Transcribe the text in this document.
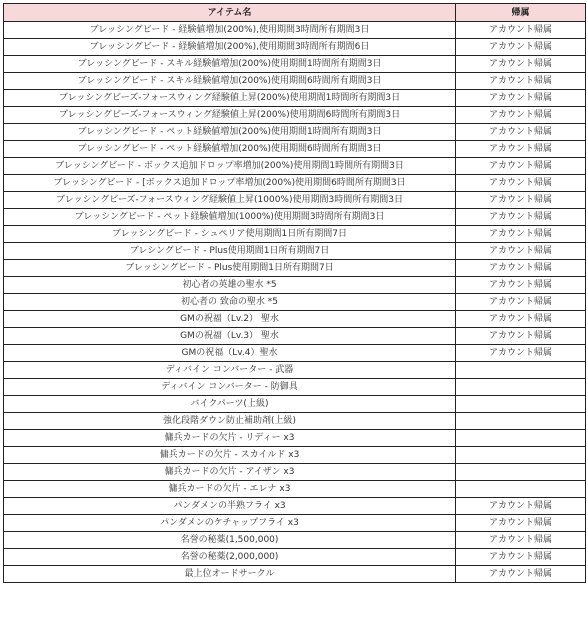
アイテム名	帰属
ブレッシングビード - 経験値増加(200%),使用期間3時間所有期間3日	アカウント帰属
ブレッシングビード - 経験値増加(200%),使用期間3時間所有期間6日	アカウント帰属
ブレッシングビード - スキル経験値増加(200%)使用期間1時間所有期間3日	アカウント帰属
ブレッシングビード - スキル経験値増加(200%)使用期間6時間所有期間3日	アカウント帰属
ブレッシングビーズ-フォースウィング経験値上昇(200%)使用期間1時間所有期間3日	アカウント帰属
ブレッシングビーズ-フォースウィング経験値上昇(200%)使用期間6時間所有期間3日	アカウント帰属
ブレッシングビード - ペット経験値増加(200%)使用期間1時間所有期間3日	アカウント帰属
ブレッシングビード - ペット経験値増加(200%)使用期間6時間所有期間3日	アカウント帰属
ブレッシングビード - ボックス追加ドロップ率増加(200%)使用期間1時間所有期間3日	アカウント帰属
ブレッシングビード - [ボックス追加ドロップ率増加(200%)使用期間6時間所有期間3日	アカウント帰属
ブレッシングビーズ-フォースウィング経験値上昇(1000%)使用期間3時間所有期間3日	アカウント帰属
ブレッシングビード - ペット経験値増加(1000%)使用期間3時間所有期間3日	アカウント帰属
ブレッシングビード - シュペリア使用期間1日所有期間7日	アカウント帰属
ブレシングビード - Plus使用期間1日所有期間7日	アカウント帰属
ブレッシングビード - Plus使用期間1日所有期間7日	アカウント帰属
初心者の英雄の聖水 *5	アカウント帰属
初心者の 致命の聖水 *5	アカウント帰属
GMの祝福（Lv.2） 聖水	アカウント帰属
GMの祝福（Lv.3） 聖水	アカウント帰属
GMの祝福（Lv.4）聖水	アカウント帰属
ディバイン コンバーター - 武器	
ディバイン コンバーター - 防御具	
バイクパーツ(上級)	
強化段階ダウン防止補助剤(上級)	
傭兵カードの欠片 - リディー x3	
傭兵カードの欠片 - スカイルド x3	
傭兵カードの欠片 - アイザン x3	
傭兵カードの欠片 - エレナ x3	
パンダメンの半熟フライ x3	アカウント帰属
パンダメンのケチャップフライ x3	アカウント帰属
名誉の秘薬(1,500,000)	アカウント帰属
名誉の秘薬(2,000,000)	アカウント帰属
最上位オードサークル	アカウント帰属
